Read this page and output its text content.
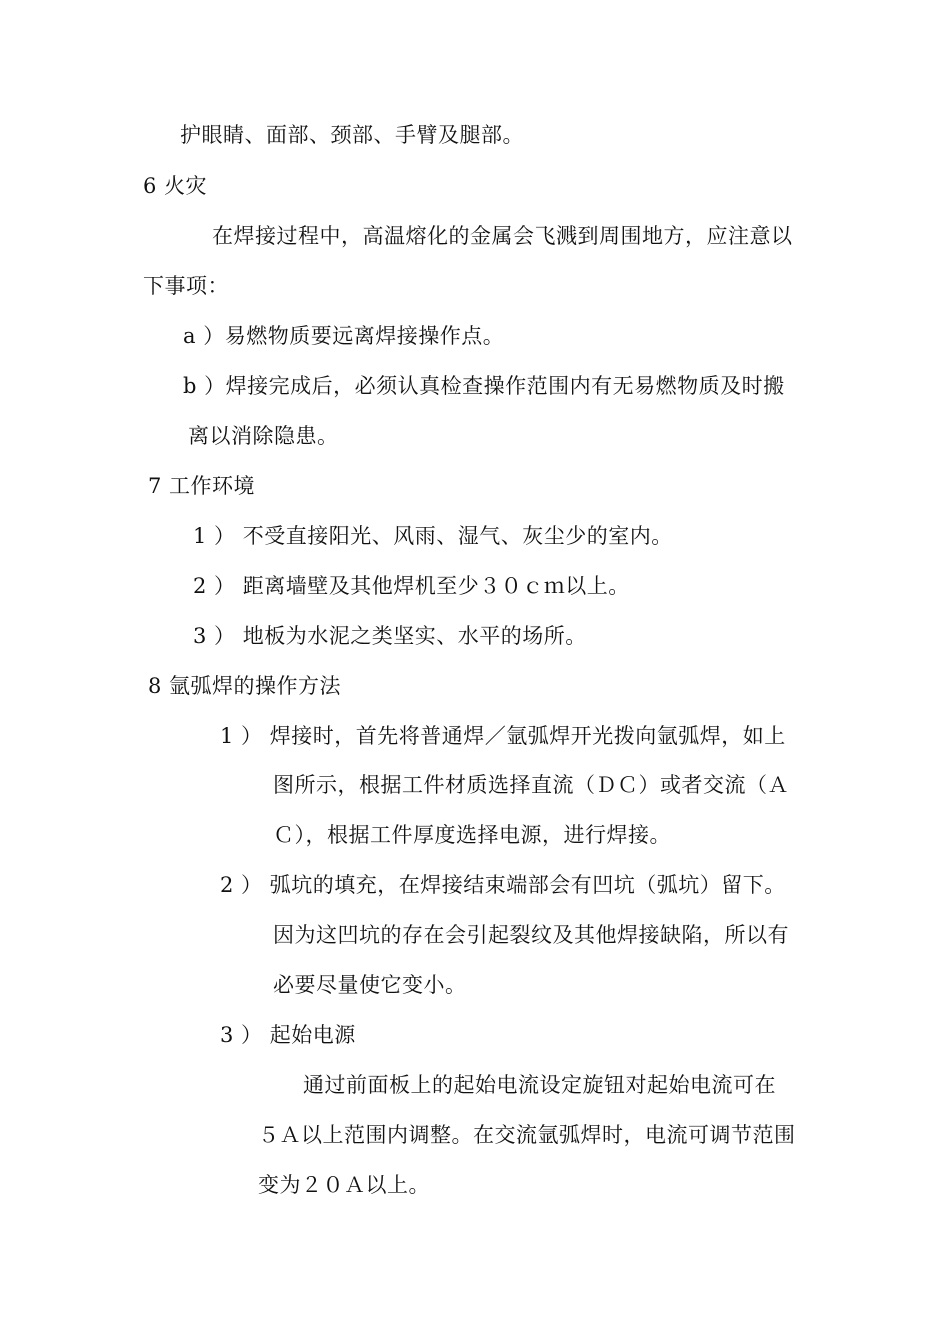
护眼睛、面部、颈部、手臂及腿部。
6 火灾
在焊接过程中，高温熔化的金属会飞溅到周围地方，应注意以
下事项：
a ）易燃物质要远离焊接操作点。
b ）焊接完成后，必须认真检查操作范围内有无易燃物质及时搬
离以消除隐患。
7 工作环境
1 ） 不受直接阳光、风雨、湿气、灰尘少的室内。
2 ） 距离墙壁及其他焊机至少３０ｃｍ以上。
3 ） 地板为水泥之类坚实、水平的场所。
8 氩弧焊的操作方法
1 ） 焊接时，首先将普通焊／氩弧焊开光拨向氩弧焊，如上
图所示，根据工件材质选择直流（ＤＣ）或者交流（Ａ
Ｃ），根据工件厚度选择电源，进行焊接。
2 ） 弧坑的填充，在焊接结束端部会有凹坑（弧坑）留下。
因为这凹坑的存在会引起裂纹及其他焊接缺陷，所以有
必要尽量使它变小。
3 ） 起始电源
通过前面板上的起始电流设定旋钮对起始电流可在
５Ａ以上范围内调整。在交流氩弧焊时，电流可调节范围
变为２０Ａ以上。
